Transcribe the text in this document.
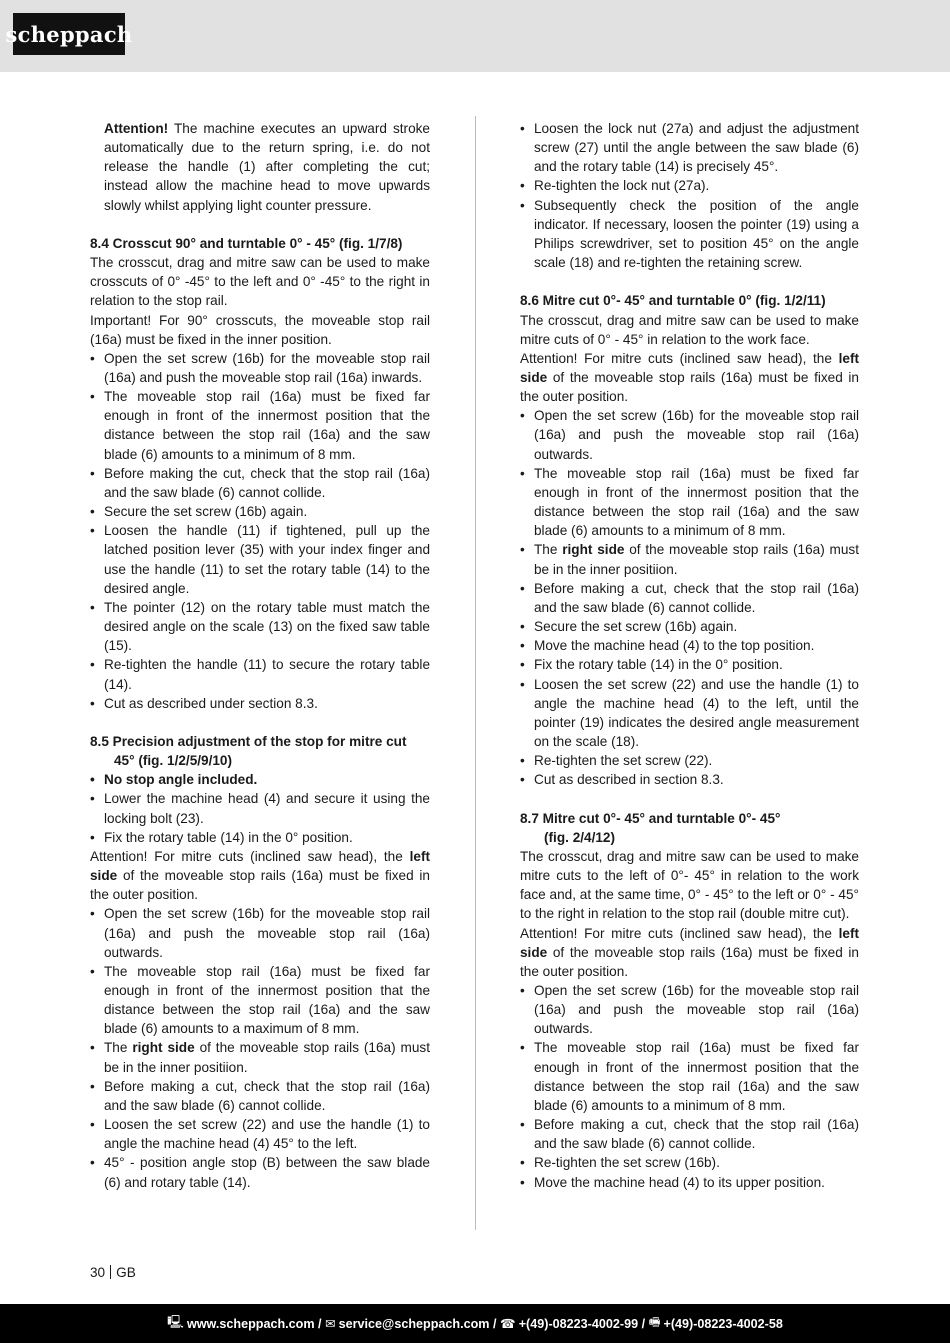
scheppach
Attention! The machine executes an upward stroke automatically due to the return spring, i.e. do not release the handle (1) after completing the cut; instead allow the machine head to move upwards slowly whilst applying light counter pressure.
8.4 Crosscut 90° and turntable 0° - 45° (fig. 1/7/8)
The crosscut, drag and mitre saw can be used to make crosscuts of 0° -45° to the left and 0° -45° to the right in relation to the stop rail.
Important! For 90° crosscuts, the moveable stop rail (16a) must be fixed in the inner position.
• Open the set screw (16b) for the moveable stop rail (16a) and push the moveable stop rail (16a) inwards.
• The moveable stop rail (16a) must be fixed far enough in front of the innermost position that the distance between the stop rail (16a) and the saw blade (6) amounts to a minimum of 8 mm.
• Before making the cut, check that the stop rail (16a) and the saw blade (6) cannot collide.
• Secure the set screw (16b) again.
• Loosen the handle (11) if tightened, pull up the latched position lever (35) with your index finger and use the handle (11) to set the rotary table (14) to the desired angle.
• The pointer (12) on the rotary table must match the desired angle on the scale (13) on the fixed saw table (15).
• Re-tighten the handle (11) to secure the rotary table (14).
• Cut as described under section 8.3.
8.5 Precision adjustment of the stop for mitre cut
45° (fig. 1/2/5/9/10)
• No stop angle included.
• Lower the machine head (4) and secure it using the locking bolt (23).
• Fix the rotary table (14) in the 0° position.
Attention! For mitre cuts (inclined saw head), the left side of the moveable stop rails (16a) must be fixed in the outer position.
• Open the set screw (16b) for the moveable stop rail (16a) and push the moveable stop rail (16a) outwards.
• The moveable stop rail (16a) must be fixed far enough in front of the innermost position that the distance between the stop rail (16a) and the saw blade (6) amounts to a maximum of 8 mm.
• The right side of the moveable stop rails (16a) must be in the inner positiion.
• Before making a cut, check that the stop rail (16a) and the saw blade (6) cannot collide.
• Loosen the set screw (22) and use the handle (1) to angle the machine head (4) 45° to the left.
• 45° - position angle stop (B) between the saw blade (6) and rotary table (14).
• Loosen the lock nut (27a) and adjust the adjustment screw (27) until the angle between the saw blade (6) and the rotary table (14) is precisely 45°.
• Re-tighten the lock nut (27a).
• Subsequently check the position of the angle indicator. If necessary, loosen the pointer (19) using a Philips screwdriver, set to position 45° on the angle scale (18) and re-tighten the retaining screw.
8.6 Mitre cut 0°- 45° and turntable 0° (fig. 1/2/11)
The crosscut, drag and mitre saw can be used to make mitre cuts of 0° - 45° in relation to the work face.
Attention! For mitre cuts (inclined saw head), the left side of the moveable stop rails (16a) must be fixed in the outer position.
• Open the set screw (16b) for the moveable stop rail (16a) and push the moveable stop rail (16a) outwards.
• The moveable stop rail (16a) must be fixed far enough in front of the innermost position that the distance between the stop rail (16a) and the saw blade (6) amounts to a minimum of 8 mm.
• The right side of the moveable stop rails (16a) must be in the inner positiion.
• Before making a cut, check that the stop rail (16a) and the saw blade (6) cannot collide.
• Secure the set screw (16b) again.
• Move the machine head (4) to the top position.
• Fix the rotary table (14) in the 0° position.
• Loosen the set screw (22) and use the handle (1) to angle the machine head (4) to the left, until the pointer (19) indicates the desired angle measurement on the scale (18).
• Re-tighten the set screw (22).
• Cut as described in section 8.3.
8.7 Mitre cut 0°- 45° and turntable 0°- 45°
(fig. 2/4/12)
The crosscut, drag and mitre saw can be used to make mitre cuts to the left of 0°- 45° in relation to the work face and, at the same time, 0° - 45° to the left or 0° - 45° to the right in relation to the stop rail (double mitre cut).
Attention! For mitre cuts (inclined saw head), the left side of the moveable stop rails (16a) must be fixed in the outer position.
• Open the set screw (16b) for the moveable stop rail (16a) and push the moveable stop rail (16a) outwards.
• The moveable stop rail (16a) must be fixed far enough in front of the innermost position that the distance between the stop rail (16a) and the saw blade (6) amounts to a minimum of 8 mm.
• Before making a cut, check that the stop rail (16a) and the saw blade (6) cannot collide.
• Re-tighten the set screw (16b).
• Move the machine head (4) to its upper position.
30 GB
🖳 www.scheppach.com /
✉ service@scheppach.com /
☎ +(49)-08223-4002-99 /
🖷 +(49)-08223-4002-58
